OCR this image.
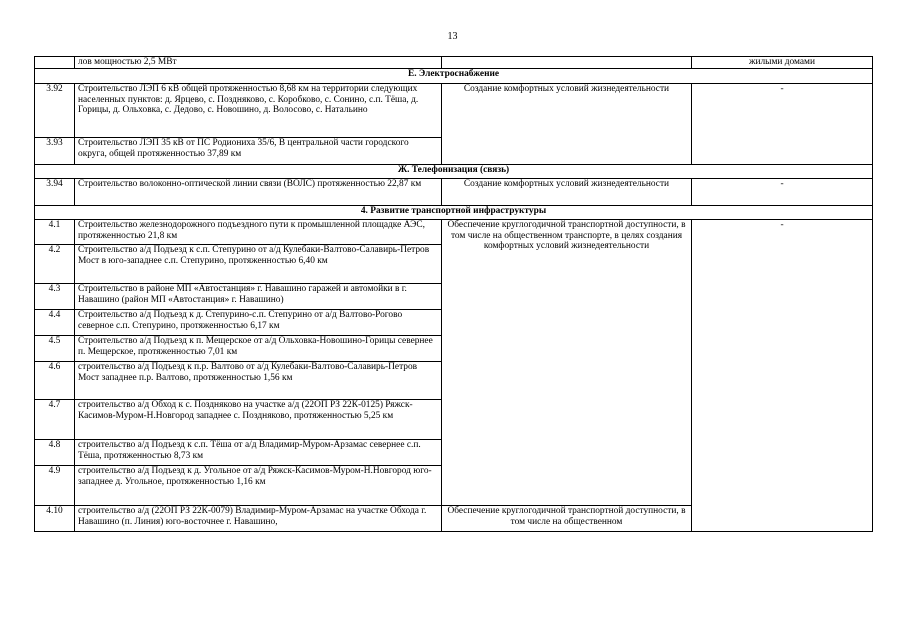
13
	лов мощностью 2,5 МВт		жилыми домами
Е. Электроснабжение			
3.92	Строительство ЛЭП 6 кВ общей протяженностью 8,68 км на территории следующих населенных пунктов: д. Ярцево, с. Поздняково, с. Коробково, с. Сонино, с.п. Тёша, д. Горицы, д. Ольховка, с. Дедово, с. Новошино, д. Волосово, с. Натальино	Создание комфортных условий жизнедеятельности	-
3.93	Строительство ЛЭП 35 кВ от ПС Родиониха 35/6, В центральной части городского округа, общей протяженностью 37,89 км		
Ж. Телефонизация (связь)			
3.94	Строительство волоконно-оптической линии связи (ВОЛС) протяженностью 22,87 км	Создание комфортных условий жизнедеятельности	-
4. Развитие транспортной инфраструктуры			
4.1	Строительство железнодорожного подъездного пути к промышленной площадке АЭС, протяженностью 21,8 км	Обеспечение круглогодичной транспортной доступности, в том числе на общественном транспорте, в целях создания комфортных условий жизнедеятельности	-
4.2	Строительство а/д Подъезд к с.п. Степурино от а/д Кулебаки-Валтово-Салавирь-Петров Мост в юго-западнее с.п. Степурино, протяженностью 6,40 км		
4.3	Строительство в районе МП «Автостанция» г. Навашино гаражей и автомойки в г. Навашино (район МП «Автостанция» г. Навашино)		
4.4	Строительство а/д Подъезд к д. Степурино-с.п. Степурино от а/д Валтово-Рогово северное с.п. Степурино, протяженностью 6,17 км		
4.5	Строительство а/д Подъезд к п. Мещерское от а/д Ольховка-Новошино-Горицы севернее п. Мещерское, протяженностью 7,01 км		
4.6	строительство а/д Подъезд к п.р. Валтово от а/д Кулебаки-Валтово-Салавирь-Петров Мост западнее п.р. Валтово, протяженностью 1,56 км		
4.7	строительство а/д Обход к с. Поздняково на участке а/д (22ОП РЗ 22К-0125) Ряжск-Касимов-Муром-Н.Новгород западнее с. Поздняково, протяженностью 5,25 км		
4.8	строительство а/д Подъезд к с.п. Тёша от а/д Владимир-Муром-Арзамас севернее с.п. Тёша, протяженностью 8,73 км		
4.9	строительство а/д Подъезд к д. Угольное от а/д Ряжск-Касимов-Муром-Н.Новгород юго-западнее д. Угольное, протяженностью 1,16 км		
4.10	строительство а/д (22ОП РЗ 22К-0079) Владимир-Муром-Арзамас на участке Обхода г. Навашино (п. Линия) юго-восточнее г. Навашино,	Обеспечение круглогодичной транспортной доступности, в том числе на общественном	
